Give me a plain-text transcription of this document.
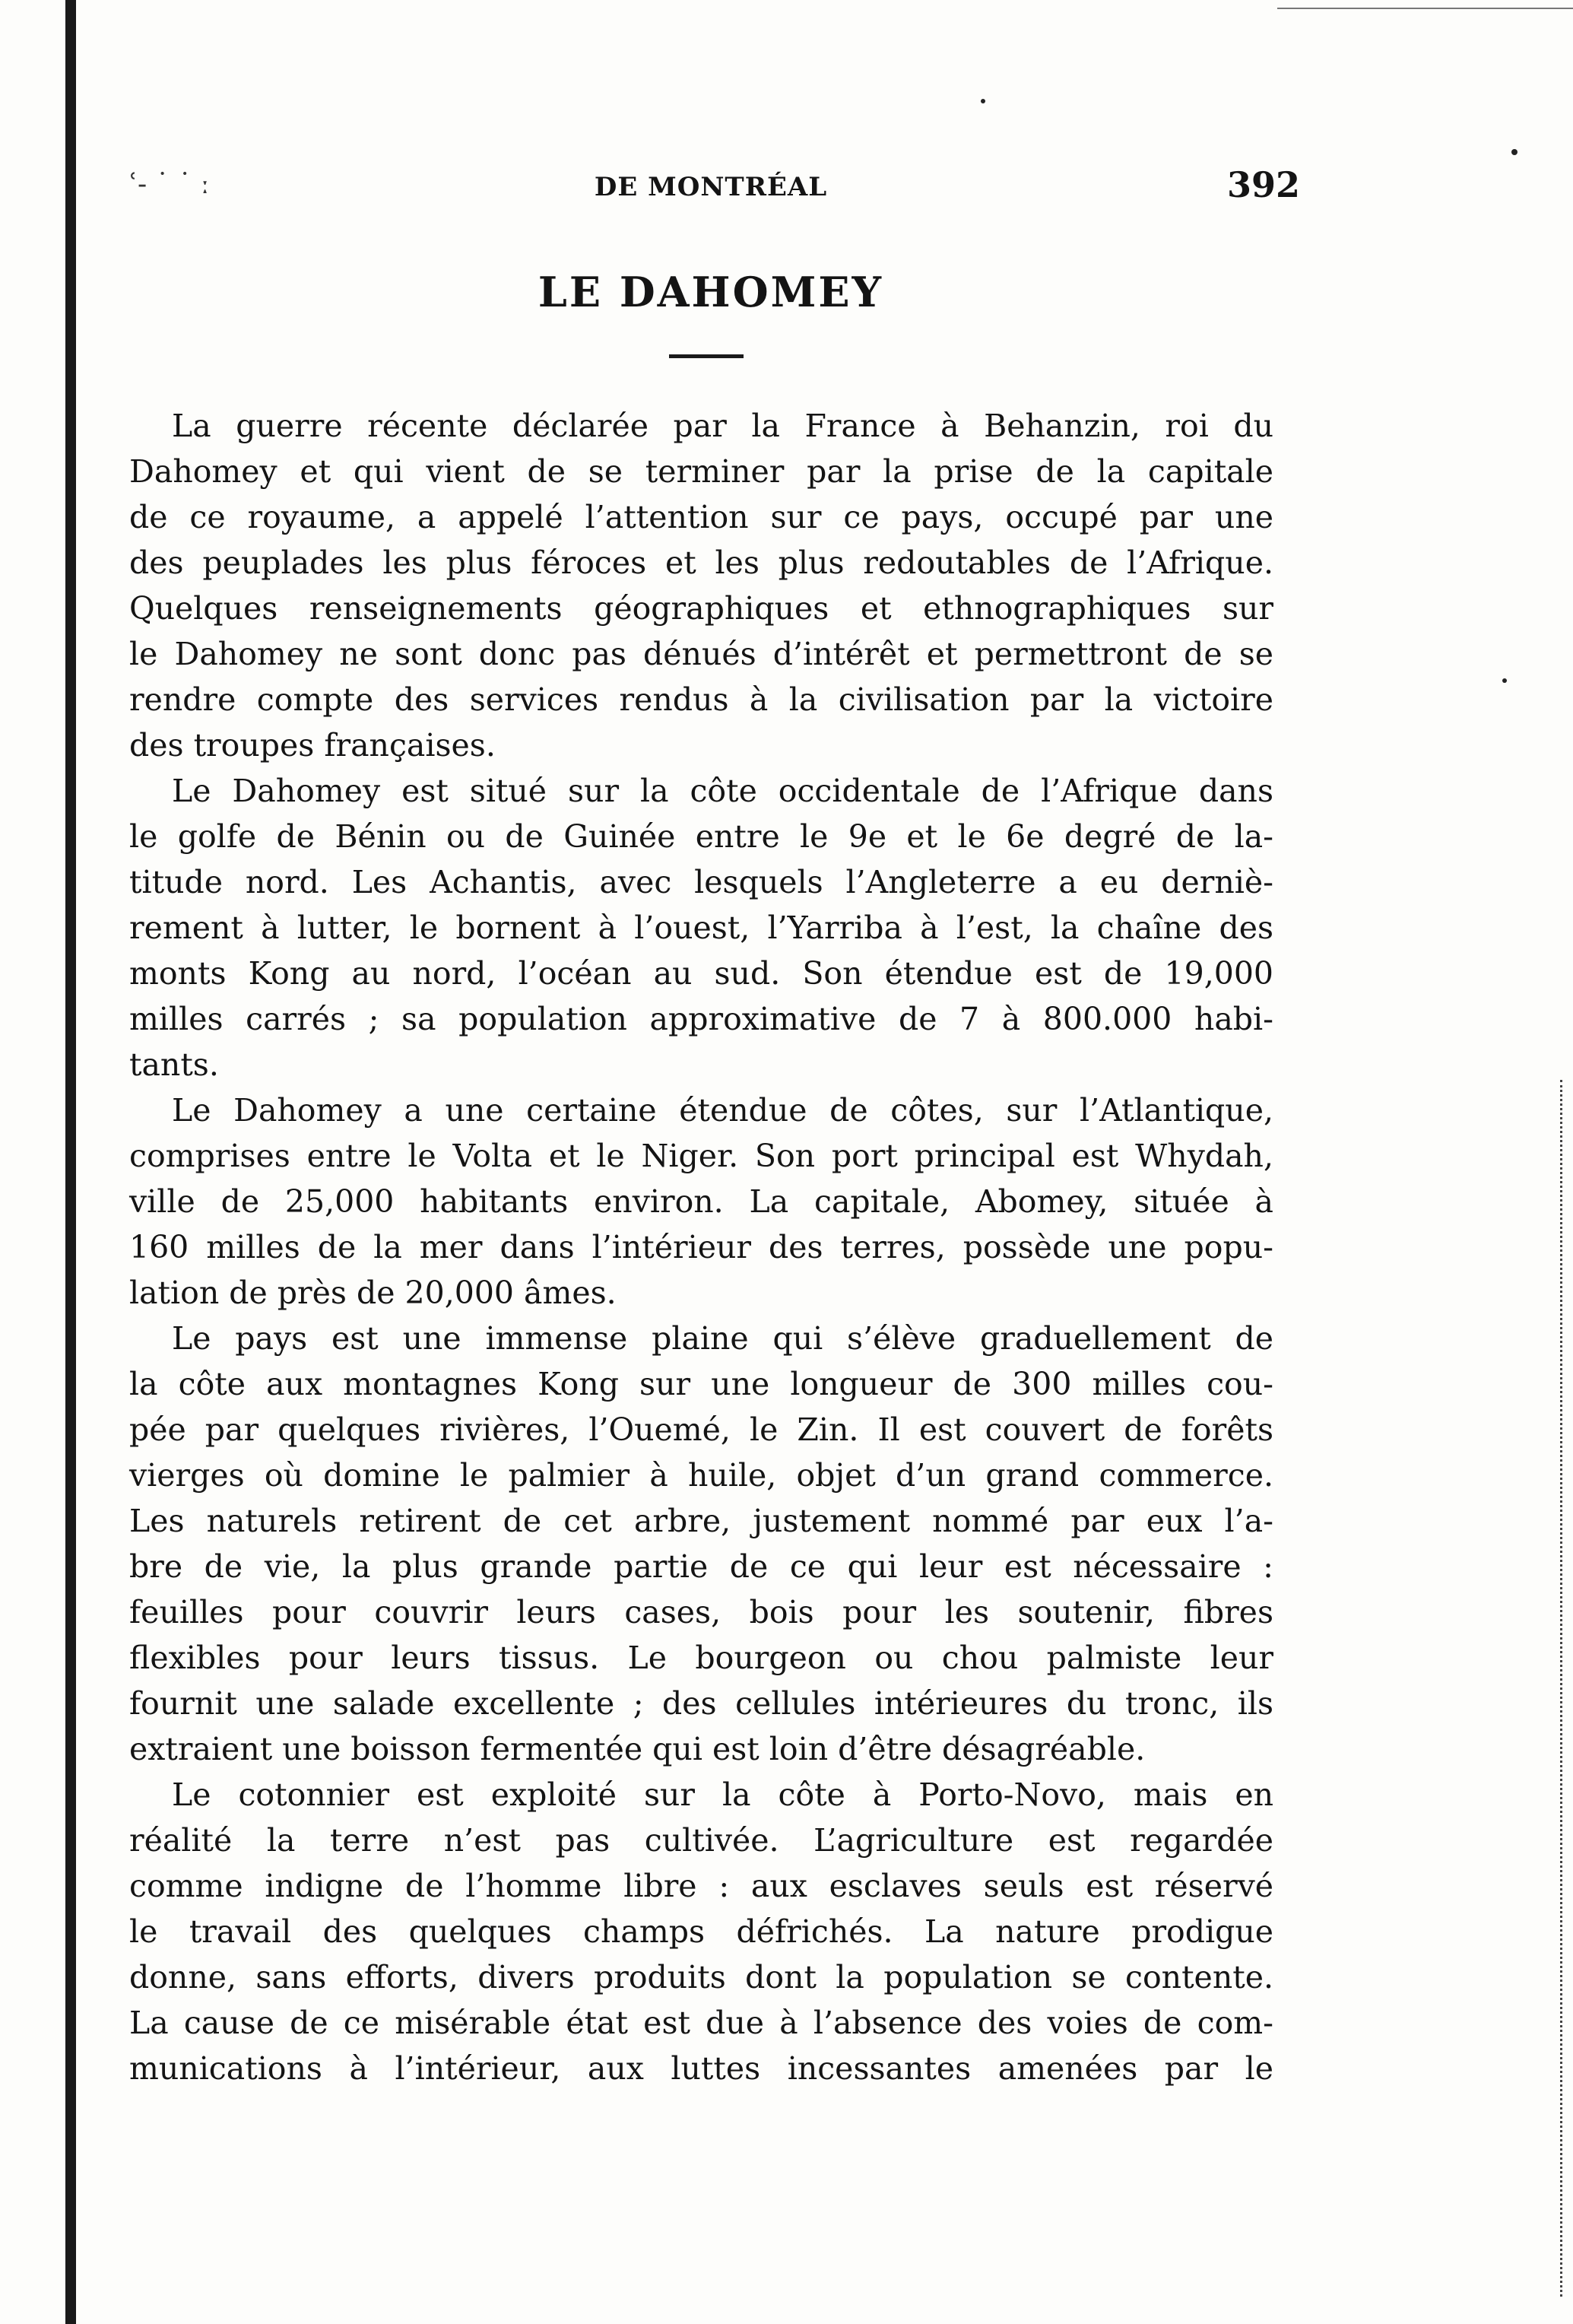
ʿ‐ ˙ ˙ ː	DE MONTRÉAL	392
LE DAHOMEY

La guerre récente déclarée par la France à Behanzin, roi du
Dahomey et qui vient de se terminer par la prise de la capitale
de ce royaume, a appelé l’attention sur ce pays, occupé par une
des peuplades les plus féroces et les plus redoutables de l’Afrique.
Quelques renseignements géographiques et ethnographiques sur
le Dahomey ne sont donc pas dénués d’intérêt et permettront de se
rendre compte des services rendus à la civilisation par la victoire
des troupes françaises.

Le Dahomey est situé sur la côte occidentale de l’Afrique dans
le golfe de Bénin ou de Guinée entre le 9e et le 6e degré de la-
titude nord. Les Achantis, avec lesquels l’Angleterre a eu derniè-
rement à lutter, le bornent à l’ouest, l’Yarriba à l’est, la chaîne des
monts Kong au nord, l’océan au sud. Son étendue est de 19,000
milles carrés ; sa population approximative de 7 à 800.000 habi-
tants.

Le Dahomey a une certaine étendue de côtes, sur l’Atlantique,
comprises entre le Volta et le Niger. Son port principal est Whydah,
ville de 25,000 habitants environ. La capitale, Abomey, située à
160 milles de la mer dans l’intérieur des terres, possède une popu-
lation de près de 20,000 âmes.

Le pays est une immense plaine qui s’élève graduellement de
la côte aux montagnes Kong sur une longueur de 300 milles cou-
pée par quelques rivières, l’Ouemé, le Zin. Il est couvert de forêts
vierges où domine le palmier à huile, objet d’un grand commerce.
Les naturels retirent de cet arbre, justement nommé par eux l’a-
bre de vie, la plus grande partie de ce qui leur est nécessaire :
feuilles pour couvrir leurs cases, bois pour les soutenir, fibres
flexibles pour leurs tissus. Le bourgeon ou chou palmiste leur
fournit une salade excellente ; des cellules intérieures du tronc, ils
extraient une boisson fermentée qui est loin d’être désagréable.

Le cotonnier est exploité sur la côte à Porto-Novo, mais en
réalité la terre n’est pas cultivée. L’agriculture est regardée
comme indigne de l’homme libre : aux esclaves seuls est réservé
le travail des quelques champs défrichés. La nature prodigue
donne, sans efforts, divers produits dont la population se contente.
La cause de ce misérable état est due à l’absence des voies de com-
munications à l’intérieur, aux luttes incessantes amenées par le
